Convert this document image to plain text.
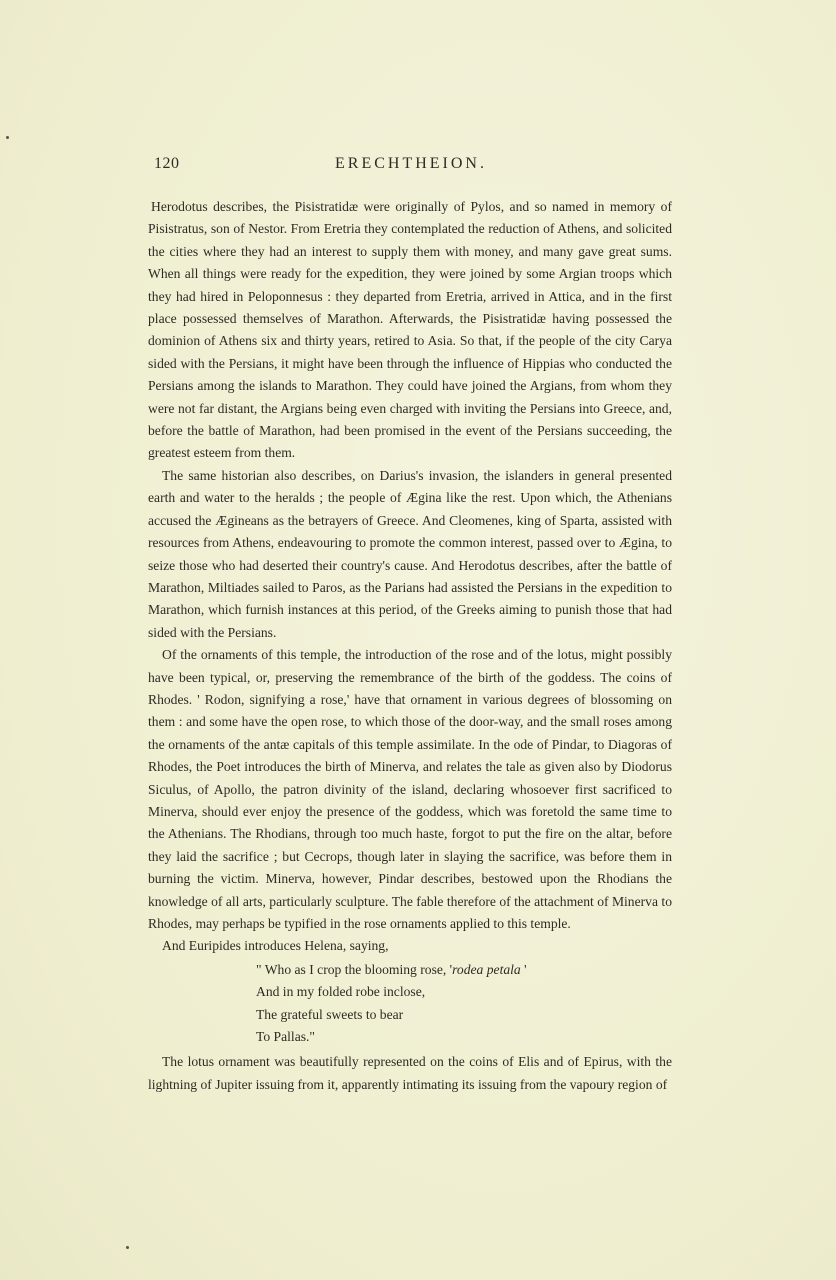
120	ERECHTHEION.

Herodotus describes, the Pisistratidæ were originally of Pylos, and so named in memory of Pisistratus, son of Nestor. From Eretria they contemplated the reduction of Athens, and solicited the cities where they had an interest to supply them with money, and many gave great sums. When all things were ready for the expedition, they were joined by some Argian troops which they had hired in Peloponnesus : they departed from Eretria, arrived in Attica, and in the first place possessed themselves of Marathon. Afterwards, the Pisistratidæ having possessed the dominion of Athens six and thirty years, retired to Asia. So that, if the people of the city Carya sided with the Persians, it might have been through the influence of Hippias who conducted the Persians among the islands to Marathon. They could have joined the Argians, from whom they were not far distant, the Argians being even charged with inviting the Persians into Greece, and, before the battle of Marathon, had been promised in the event of the Persians succeeding, the greatest esteem from them.

The same historian also describes, on Darius's invasion, the islanders in general presented earth and water to the heralds ; the people of Ægina like the rest. Upon which, the Athenians accused the Ægineans as the betrayers of Greece. And Cleomenes, king of Sparta, assisted with resources from Athens, endeavouring to promote the common interest, passed over to Ægina, to seize those who had deserted their country's cause. And Herodotus describes, after the battle of Marathon, Miltiades sailed to Paros, as the Parians had assisted the Persians in the expedition to Marathon, which furnish instances at this period, of the Greeks aiming to punish those that had sided with the Persians.

Of the ornaments of this temple, the introduction of the rose and of the lotus, might possibly have been typical, or, preserving the remembrance of the birth of the goddess. The coins of Rhodes. ' Rodon, signifying a rose,' have that ornament in various degrees of blossoming on them : and some have the open rose, to which those of the door-way, and the small roses among the ornaments of the antæ capitals of this temple assimilate. In the ode of Pindar, to Diagoras of Rhodes, the Poet introduces the birth of Minerva, and relates the tale as given also by Diodorus Siculus, of Apollo, the patron divinity of the island, declaring whosoever first sacrificed to Minerva, should ever enjoy the presence of the goddess, which was foretold the same time to the Athenians. The Rhodians, through too much haste, forgot to put the fire on the altar, before they laid the sacrifice ; but Cecrops, though later in slaying the sacrifice, was before them in burning the victim. Minerva, however, Pindar describes, bestowed upon the Rhodians the knowledge of all arts, particularly sculpture. The fable therefore of the attachment of Minerva to Rhodes, may perhaps be typified in the rose ornaments applied to this temple.

And Euripides introduces Helena, saying,

" Who as I crop the blooming rose, 'rodea petala '
And in my folded robe inclose,
The grateful sweets to bear
To Pallas."

The lotus ornament was beautifully represented on the coins of Elis and of Epirus, with the lightning of Jupiter issuing from it, apparently intimating its issuing from the vapoury region of
